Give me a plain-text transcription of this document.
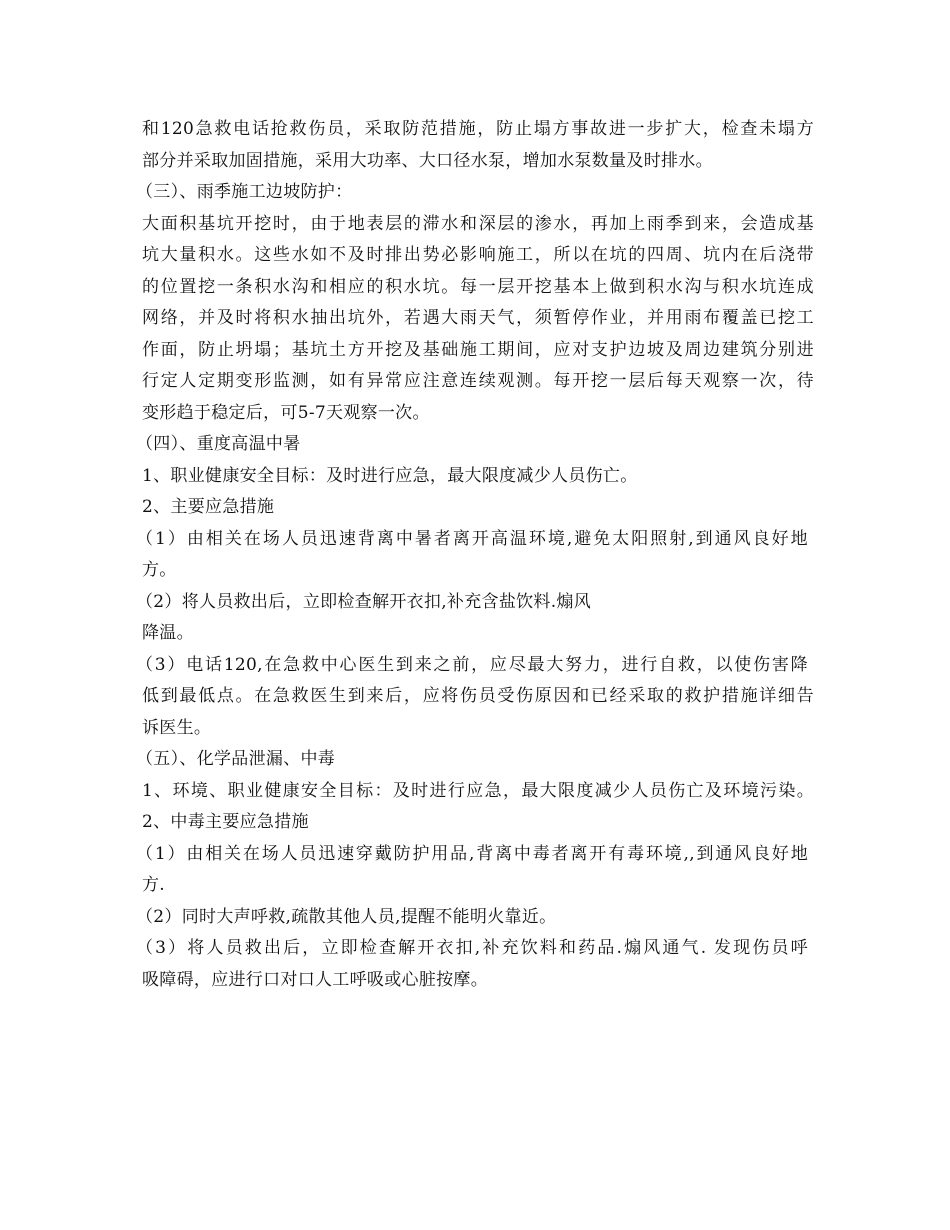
和120急救电话抢救伤员，采取防范措施，防止塌方事故进一步扩大，检查未塌方
部分并采取加固措施，采用大功率、大口径水泵，增加水泵数量及时排水。
（三）、雨季施工边坡防护：
大面积基坑开挖时，由于地表层的滞水和深层的渗水，再加上雨季到来，会造成基
坑大量积水。这些水如不及时排出势必影响施工，所以在坑的四周、坑内在后浇带
的位置挖一条积水沟和相应的积水坑。每一层开挖基本上做到积水沟与积水坑连成
网络，并及时将积水抽出坑外，若遇大雨天气，须暂停作业，并用雨布覆盖已挖工
作面，防止坍塌；基坑土方开挖及基础施工期间，应对支护边坡及周边建筑分别进
行定人定期变形监测，如有异常应注意连续观测。每开挖一层后每天观察一次，待
变形趋于稳定后，可5-7天观察一次。
（四）、重度高温中暑
1、职业健康安全目标：及时进行应急，最大限度减少人员伤亡。
2、主要应急措施
（1）由相关在场人员迅速背离中暑者离开高温环境,避免太阳照射,到通风良好地
方。
（2）将人员救出后，立即检查解开衣扣,补充含盐饮料.煽风
降温。
（3）电话120,在急救中心医生到来之前，应尽最大努力，进行自救，以使伤害降
低到最低点。在急救医生到来后，应将伤员受伤原因和已经采取的救护措施详细告
诉医生。
（五）、化学品泄漏、中毒
1、环境、职业健康安全目标：及时进行应急，最大限度减少人员伤亡及环境污染。
2、中毒主要应急措施
（1）由相关在场人员迅速穿戴防护用品,背离中毒者离开有毒环境,,到通风良好地
方.
（2）同时大声呼救,疏散其他人员,提醒不能明火靠近。
（3）将人员救出后，立即检查解开衣扣,补充饮料和药品.煽风通气. 发现伤员呼
吸障碍，应进行口对口人工呼吸或心脏按摩。
